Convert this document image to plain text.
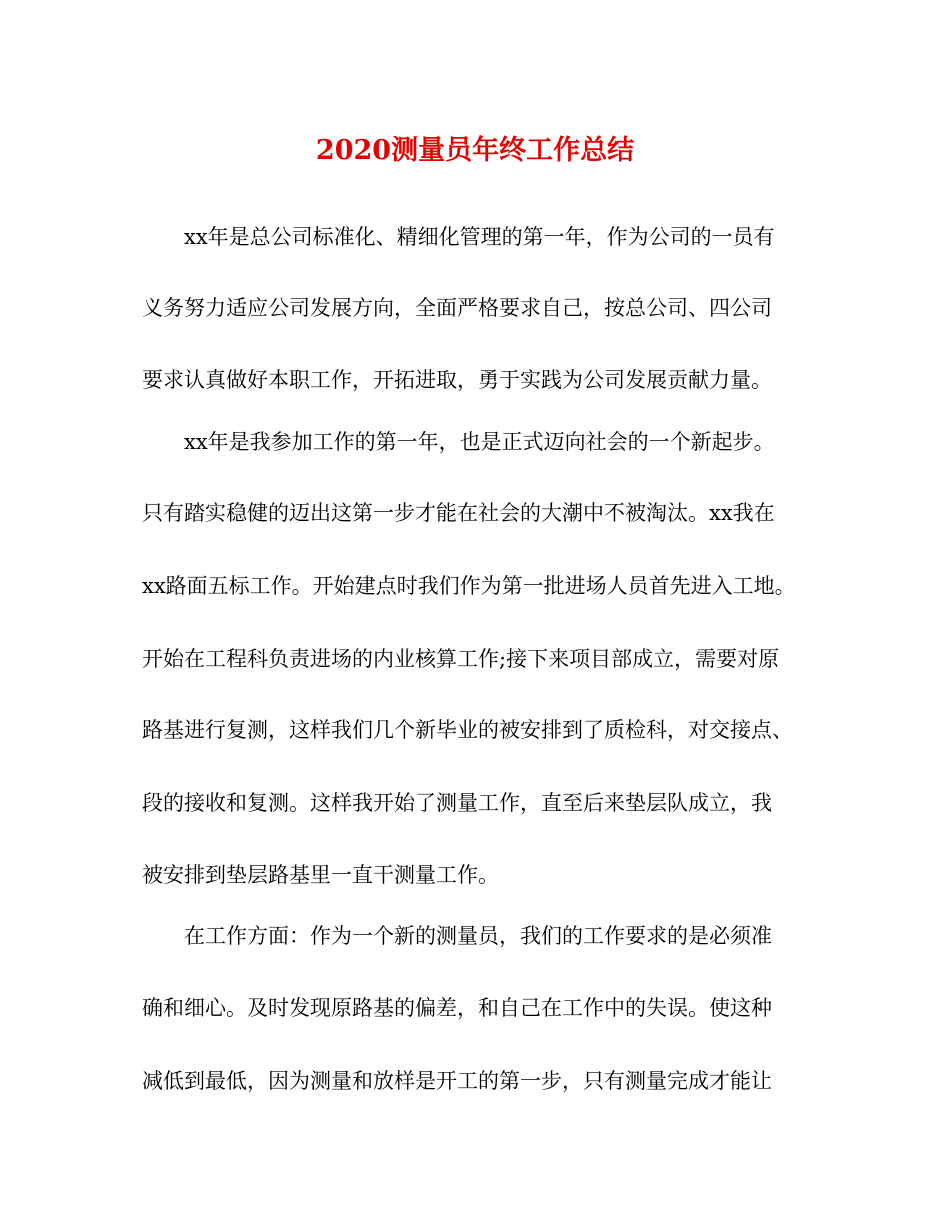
2020测量员年终工作总结
xx年是总公司标准化、精细化管理的第一年，作为公司的一员有
义务努力适应公司发展方向，全面严格要求自己，按总公司、四公司
要求认真做好本职工作，开拓进取，勇于实践为公司发展贡献力量。
xx年是我参加工作的第一年，也是正式迈向社会的一个新起步。
只有踏实稳健的迈出这第一步才能在社会的大潮中不被淘汰。xx我在
xx路面五标工作。开始建点时我们作为第一批进场人员首先进入工地。
开始在工程科负责进场的内业核算工作;接下来项目部成立，需要对原
路基进行复测，这样我们几个新毕业的被安排到了质检科，对交接点、
段的接收和复测。这样我开始了测量工作，直至后来垫层队成立，我
被安排到垫层路基里一直干测量工作。
在工作方面：作为一个新的测量员，我们的工作要求的是必须准
确和细心。及时发现原路基的偏差，和自己在工作中的失误。使这种
减低到最低，因为测量和放样是开工的第一步，只有测量完成才能让
